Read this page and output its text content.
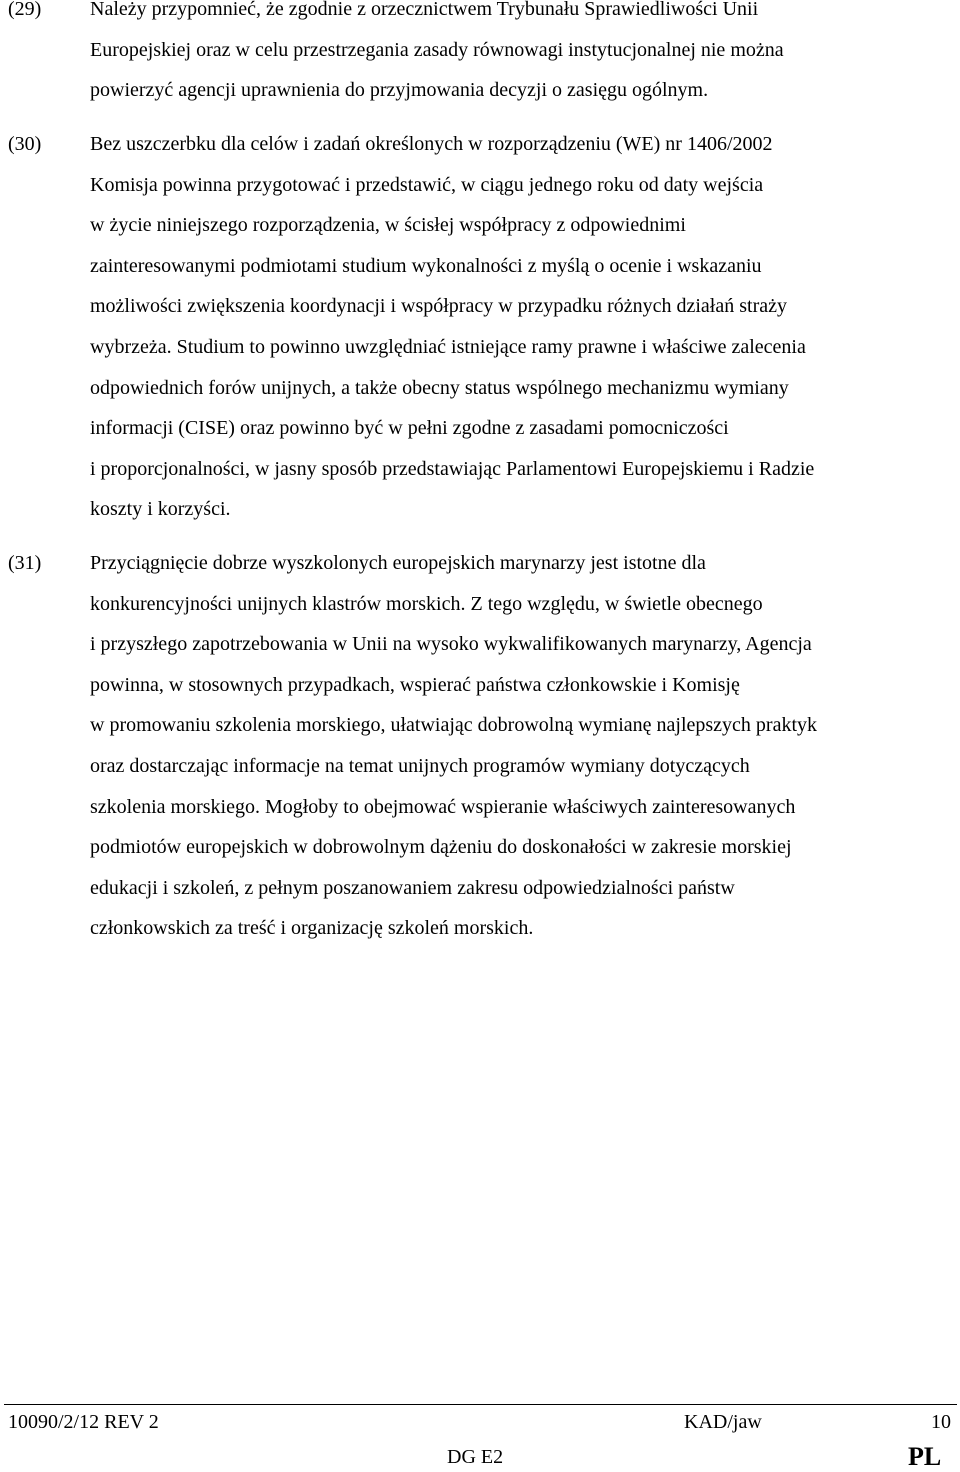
(29) Należy przypomnieć, że zgodnie z orzecznictwem Trybunału Sprawiedliwości Unii
Europejskiej oraz w celu przestrzegania zasady równowagi instytucjonalnej nie można
powierzyć agencji uprawnienia do przyjmowania decyzji o zasięgu ogólnym.
(30) Bez uszczerbku dla celów i zadań określonych w rozporządzeniu (WE) nr 1406/2002
Komisja powinna przygotować i przedstawić, w ciągu jednego roku od daty wejścia
w życie niniejszego rozporządzenia, w ścisłej współpracy z odpowiednimi
zainteresowanymi podmiotami studium wykonalności z myślą o ocenie i wskazaniu
możliwości zwiększenia koordynacji i współpracy w przypadku różnych działań straży
wybrzeża. Studium to powinno uwzględniać istniejące ramy prawne i właściwe zalecenia
odpowiednich forów unijnych, a także obecny status wspólnego mechanizmu wymiany
informacji (CISE) oraz powinno być w pełni zgodne z zasadami pomocniczości
i proporcjonalności, w jasny sposób przedstawiając Parlamentowi Europejskiemu i Radzie
koszty i korzyści.
(31) Przyciągnięcie dobrze wyszkolonych europejskich marynarzy jest istotne dla
konkurencyjności unijnych klastrów morskich. Z tego względu, w świetle obecnego
i przyszłego zapotrzebowania w Unii na wysoko wykwalifikowanych marynarzy, Agencja
powinna, w stosownych przypadkach, wspierać państwa członkowskie i Komisję
w promowaniu szkolenia morskiego, ułatwiając dobrowolną wymianę najlepszych praktyk
oraz dostarczając informacje na temat unijnych programów wymiany dotyczących
szkolenia morskiego. Mogłoby to obejmować wspieranie właściwych zainteresowanych
podmiotów europejskich w dobrowolnym dążeniu do doskonałości w zakresie morskiej
edukacji i szkoleń, z pełnym poszanowaniem zakresu odpowiedzialności państw
członkowskich za treść i organizację szkoleń morskich.
10090/2/12 REV 2	KAD/jaw	10
DG E2	PL
